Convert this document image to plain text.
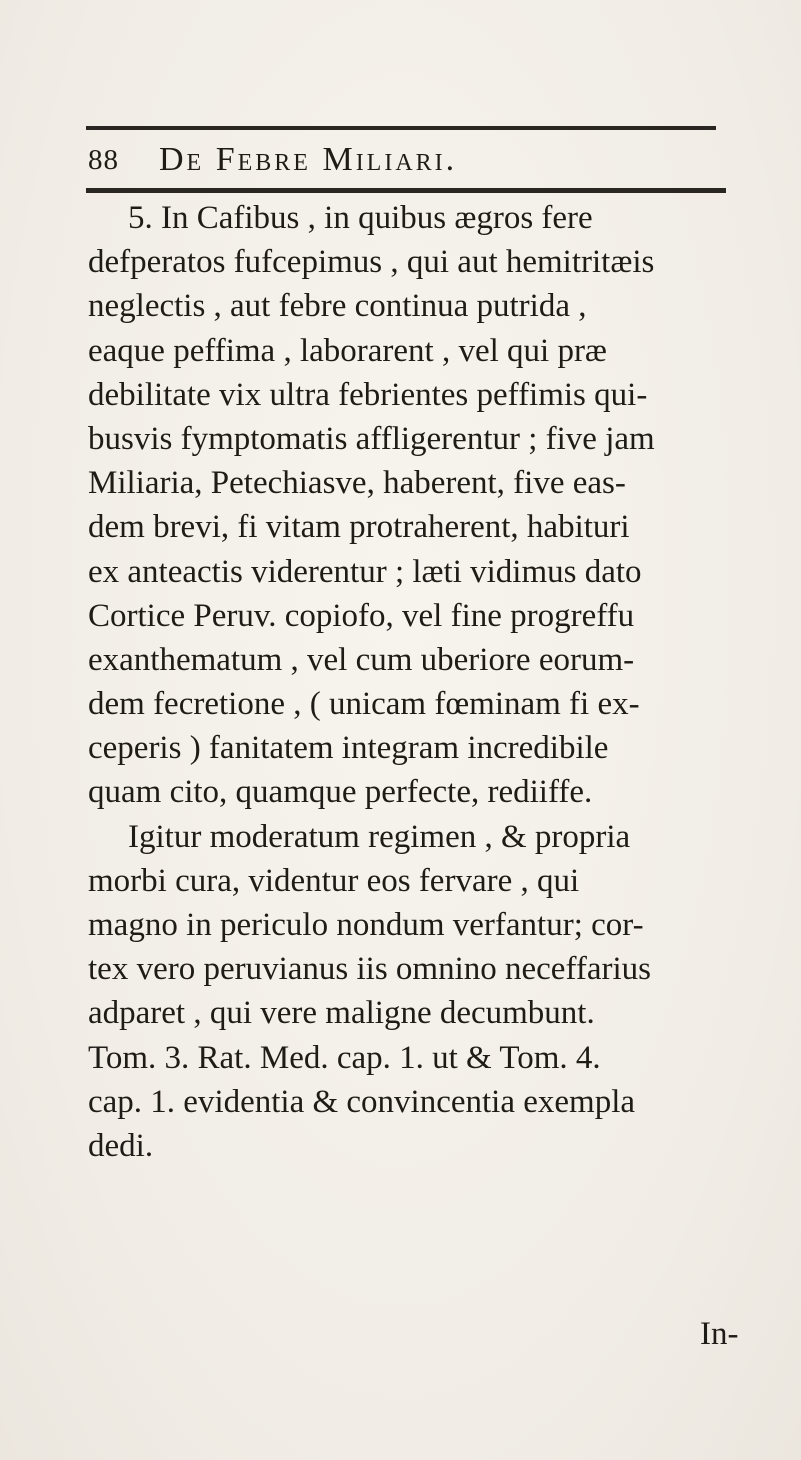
88 De Febre Miliari.
5. In Cafibus , in quibus ægros fere
defperatos fufcepimus , qui aut hemitritæis
neglectis , aut febre continua putrida ,
eaque peffima , laborarent , vel qui præ
debilitate vix ultra febrientes peffimis qui-
busvis fymptomatis affligerentur ; five jam
Miliaria, Petechiasve, haberent, five eas-
dem brevi, fi vitam protraherent, habituri
ex anteactis viderentur ; læti vidimus dato
Cortice Peruv. copiofo, vel fine progreffu
exanthematum , vel cum uberiore eorum-
dem fecretione , ( unicam fœminam fi ex-
ceperis ) fanitatem integram incredibile
quam cito, quamque perfecte, rediiffe.
Igitur moderatum regimen , & propria
morbi cura, videntur eos fervare , qui
magno in periculo nondum verfantur; cor-
tex vero peruvianus iis omnino neceffarius
adparet , qui vere maligne decumbunt.
Tom. 3. Rat. Med. cap. 1. ut & Tom. 4.
cap. 1. evidentia & convincentia exempla
dedi.
In-
